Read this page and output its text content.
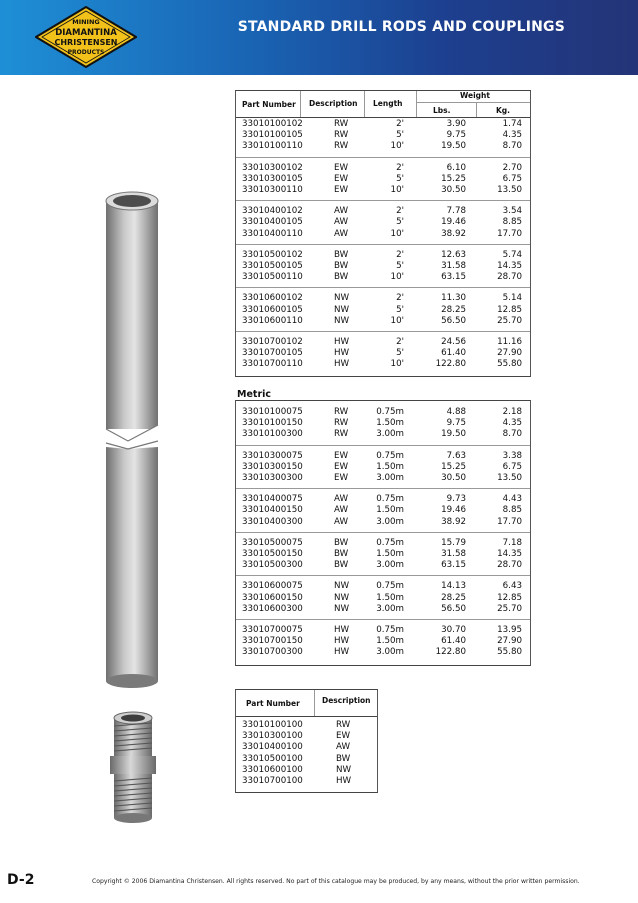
MINING
DIAMANTINA
CHRISTENSEN
PRODUCTS
STANDARD DRILL RODS AND COUPLINGS
Part Number Description Length
Weight
Lbs.	Kg.
33010100102	RW	2'	3.90	1.74
33010100105	RW	5'	9.75	4.35
33010100110	RW	10'	19.50	8.70
33010300102	EW	2'	6.10	2.70
33010300105	EW	5'	15.25	6.75
33010300110	EW	10'	30.50	13.50
33010400102	AW	2'	7.78	3.54
33010400105	AW	5'	19.46	8.85
33010400110	AW	10'	38.92	17.70
33010500102	BW	2'	12.63	5.74
33010500105	BW	5'	31.58	14.35
33010500110	BW	10'	63.15	28.70
33010600102	NW	2'	11.30	5.14
33010600105	NW	5'	28.25	12.85
33010600110	NW	10'	56.50	25.70
33010700102	HW	2'	24.56	11.16
33010700105	HW	5'	61.40	27.90
33010700110	HW	10'	122.80	55.80
Metric
33010100075	RW	0.75m	4.88	2.18
33010100150	RW	1.50m	9.75	4.35
33010100300	RW	3.00m	19.50	8.70
33010300075	EW	0.75m	7.63	3.38
33010300150	EW	1.50m	15.25	6.75
33010300300	EW	3.00m	30.50	13.50
33010400075	AW	0.75m	9.73	4.43
33010400150	AW	1.50m	19.46	8.85
33010400300	AW	3.00m	38.92	17.70
33010500075	BW	0.75m	15.79	7.18
33010500150	BW	1.50m	31.58	14.35
33010500300	BW	3.00m	63.15	28.70
33010600075	NW	0.75m	14.13	6.43
33010600150	NW	1.50m	28.25	12.85
33010600300	NW	3.00m	56.50	25.70
33010700075	HW	0.75m	30.70	13.95
33010700150	HW	1.50m	61.40	27.90
33010700300	HW	3.00m	122.80	55.80
Part Number	Description
33010100100	RW
33010300100	EW
33010400100	AW
33010500100	BW
33010600100	NW
33010700100	HW
D-2	Copyright © 2006 Diamantina Christensen. All rights reserved. No part of this catalogue may be produced, by any means, without the prior written permission.
